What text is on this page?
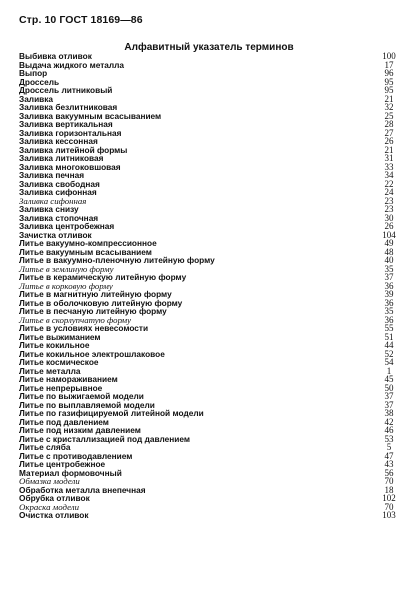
Стр. 10 ГОСТ 18169—86
Алфавитный указатель терминов
Выбивка отливок	100
Выдача жидкого металла	17
Выпор	96
Дроссель	95
Дроссель литниковый	95
Заливка	21
Заливка безлитниковая	32
Заливка вакуумным всасыванием	25
Заливка вертикальная	28
Заливка горизонтальная	27
Заливка кессонная	26
Заливка литейной формы	21
Заливка литниковая	31
Заливка многоковшовая	33
Заливка печная	34
Заливка свободная	22
Заливка сифонная	24
Заливка сифонная	23
Заливка снизу	23
Заливка стопочная	30
Заливка центробежная	26
Зачистка отливок	104
Литье вакуумно-компрессионное	49
Литье вакуумным всасыванием	48
Литье в вакуумно-пленочную литейную форму	40
Литье в землиную форму	35
Литье в керамическую литейную форму	37
Литье в корковую форму	36
Литье в магнитную литейную форму	39
Литье в оболочковую литейную форму	36
Литье в песчаную литейную форму	35
Литье в скорлупчатую форму	36
Литье в условиях невесомости	55
Литье выжиманием	51
Литье кокильное	44
Литье кокильное электрошлаковое	52
Литье космическое	54
Литье металла	1
Литье намораживанием	45
Литье непрерывное	50
Литье по выжигаемой модели	37
Литье по выплавляемой модели	37
Литье по газифицируемой литейной модели	38
Литье под давлением	42
Литье под низким давлением	46
Литье с кристаллизацией под давлением	53
Литье сляба	5
Литье с противодавлением	47
Литье центробежное	43
Материал формовочный	56
Обмазка модели	70
Обработка металла внепечная	18
Обрубка отливок	102
Окраска модели	70
Очистка отливок	103
